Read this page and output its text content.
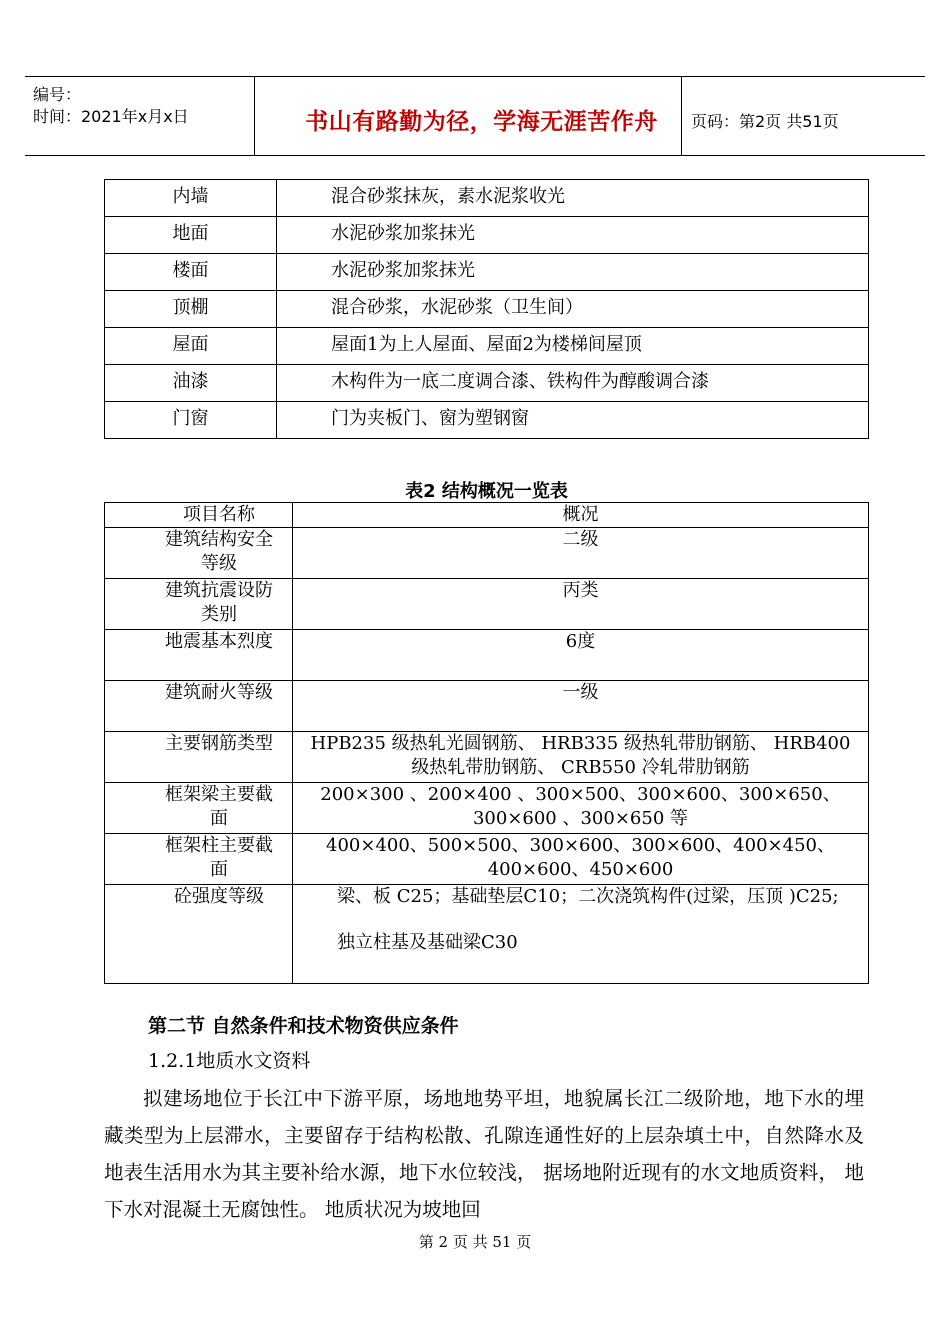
编号：
时间：2021年x月x日	书山有路勤为径，学海无涯苦作舟	页码：第2页 共51页
内墙	混合砂浆抹灰，素水泥浆收光
地面	水泥砂浆加浆抹光
楼面	水泥砂浆加浆抹光
顶棚	混合砂浆，水泥砂浆（卫生间）
屋面	屋面1为上人屋面、屋面2为楼梯间屋顶
油漆	木构件为一底二度调合漆、铁构件为醇酸调合漆
门窗	门为夹板门、窗为塑钢窗
表2 结构概况一览表
项目名称	概况

建筑结构安全等级	二级

建筑抗震设防类别	丙类

地震基本烈度	6度

建筑耐火等级	一级

主要钢筋类型	HPB235 级热轧光圆钢筋、 HRB335 级热轧带肋钢筋、 HRB400 级热轧带肋钢筋、 CRB550 冷轧带肋钢筋

框架梁主要截面	200×300 、200×400 、300×500、300×600、300×650、300×600 、300×650 等

框架柱主要截面	400×400、500×500、300×600、300×600、400×450、400×600、450×600

砼强度等级	梁、板 C25；基础垫层C10；二次浇筑构件(过梁，压顶 )C25;
独立柱基及基础梁C30
第二节 自然条件和技术物资供应条件
1.2.1地质水文资料
拟建场地位于长江中下游平原，场地地势平坦，地貌属长江二级阶地，地下水的埋藏类型为上层滞水，主要留存于结构松散、孔隙连通性好的上层杂填土中，自然降水及地表生活用水为其主要补给水源，地下水位较浅， 据场地附近现有的水文地质资料， 地下水对混凝土无腐蚀性。 地质状况为坡地回
第 2 页 共 51 页
